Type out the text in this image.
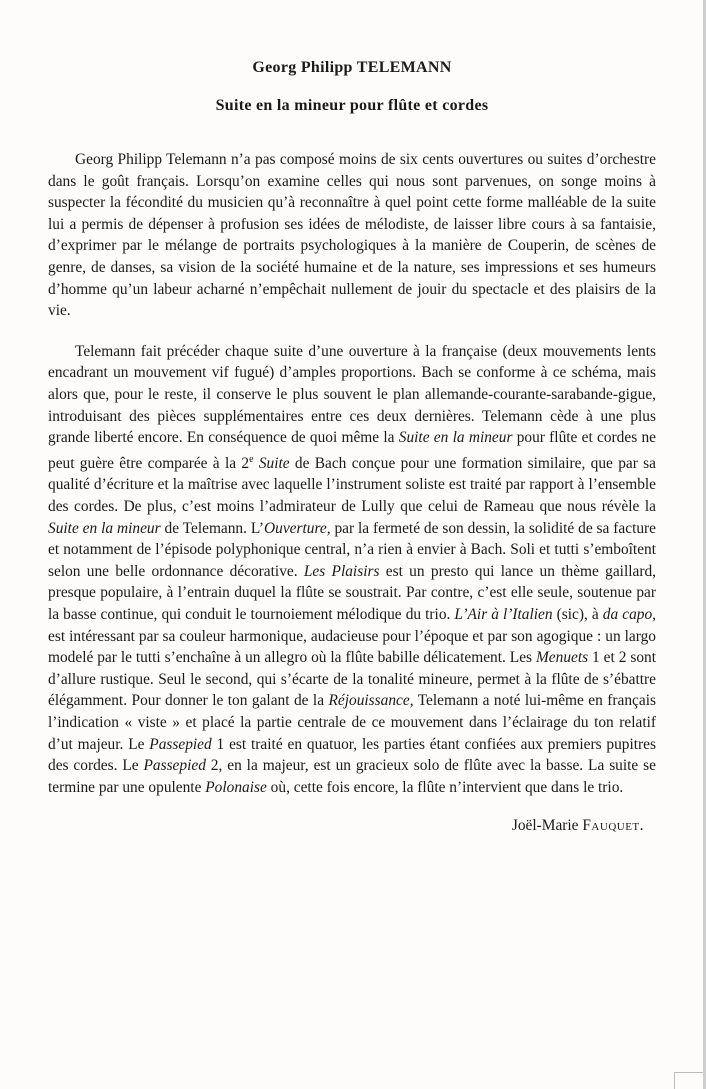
Georg Philipp TELEMANN
Suite en la mineur pour flûte et cordes

Georg Philipp Telemann n’a pas composé moins de six cents ouvertures ou suites d’orchestre dans le goût français. Lorsqu’on examine celles qui nous sont parvenues, on songe moins à suspecter la fécondité du musicien qu’à reconnaître à quel point cette forme malléable de la suite lui a permis de dépenser à profusion ses idées de mélodiste, de laisser libre cours à sa fantaisie, d’exprimer par le mélange de portraits psychologiques à la manière de Couperin, de scènes de genre, de danses, sa vision de la société humaine et de la nature, ses impressions et ses humeurs d’homme qu’un labeur acharné n’empêchait nullement de jouir du spectacle et des plaisirs de la vie.

Telemann fait précéder chaque suite d’une ouverture à la française (deux mouvements lents encadrant un mouvement vif fugué) d’amples proportions. Bach se conforme à ce schéma, mais alors que, pour le reste, il conserve le plus souvent le plan allemande-courante-sarabande-gigue, introduisant des pièces supplémentaires entre ces deux dernières. Telemann cède à une plus grande liberté encore. En conséquence de quoi même la Suite en la mineur pour flûte et cordes ne peut guère être comparée à la 2e Suite de Bach conçue pour une formation similaire, que par sa qualité d’écriture et la maîtrise avec laquelle l’instrument soliste est traité par rapport à l’ensemble des cordes. De plus, c’est moins l’admirateur de Lully que celui de Rameau que nous révèle la Suite en la mineur de Telemann. L’Ouverture, par la fermeté de son dessin, la solidité de sa facture et notamment de l’épisode polyphonique central, n’a rien à envier à Bach. Soli et tutti s’emboîtent selon une belle ordonnance décorative. Les Plaisirs est un presto qui lance un thème gaillard, presque populaire, à l’entrain duquel la flûte se soustrait. Par contre, c’est elle seule, soutenue par la basse continue, qui conduit le tournoiement mélodique du trio. L’Air à l’Italien (sic), à da capo, est intéressant par sa couleur harmonique, audacieuse pour l’époque et par son agogique : un largo modelé par le tutti s’enchaîne à un allegro où la flûte babille délicatement. Les Menuets 1 et 2 sont d’allure rustique. Seul le second, qui s’écarte de la tonalité mineure, permet à la flûte de s’ébattre élégamment. Pour donner le ton galant de la Réjouissance, Telemann a noté lui-même en français l’indication « viste » et placé la partie centrale de ce mouvement dans l’éclairage du ton relatif d’ut majeur. Le Passepied 1 est traité en quatuor, les parties étant confiées aux premiers pupitres des cordes. Le Passepied 2, en la majeur, est un gracieux solo de flûte avec la basse. La suite se termine par une opulente Polonaise où, cette fois encore, la flûte n’intervient que dans le trio.

Joël-Marie Fauquet.
